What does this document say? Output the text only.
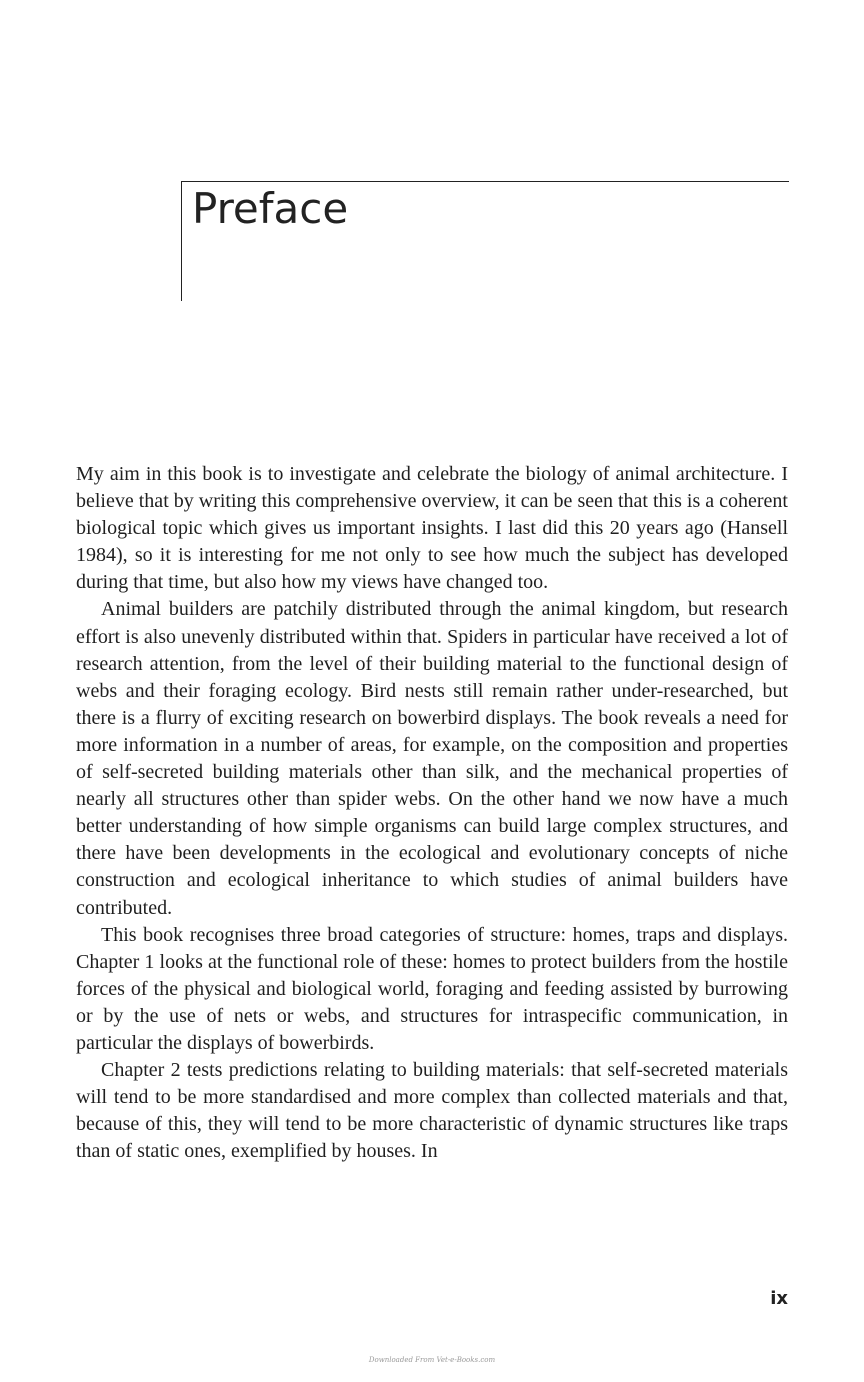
Preface

My aim in this book is to investigate and celebrate the biology of animal architecture. I believe that by writing this comprehensive overview, it can be seen that this is a coherent biological topic which gives us important insights. I last did this 20 years ago (Hansell 1984), so it is interesting for me not only to see how much the subject has developed during that time, but also how my views have changed too.

Animal builders are patchily distributed through the animal kingdom, but research effort is also unevenly distributed within that. Spiders in particular have received a lot of research attention, from the level of their building material to the functional design of webs and their foraging ecology. Bird nests still remain rather under-researched, but there is a flurry of exciting research on bowerbird displays. The book reveals a need for more information in a number of areas, for example, on the composition and properties of self-secreted building materials other than silk, and the mechanical properties of nearly all structures other than spider webs. On the other hand we now have a much better understanding of how simple organisms can build large complex structures, and there have been developments in the ecological and evolutionary concepts of niche construction and ecological inheritance to which studies of animal builders have contributed.

This book recognises three broad categories of structure: homes, traps and displays. Chapter 1 looks at the functional role of these: homes to protect builders from the hostile forces of the physical and biological world, foraging and feeding assisted by burrowing or by the use of nets or webs, and structures for intraspecific communication, in particular the displays of bowerbirds.

Chapter 2 tests predictions relating to building materials: that self-secreted materials will tend to be more standardised and more complex than collected materials and that, because of this, they will tend to be more characteristic of dynamic structures like traps than of static ones, exemplified by houses. In

ix
Downloaded From Vet-e-Books.com
